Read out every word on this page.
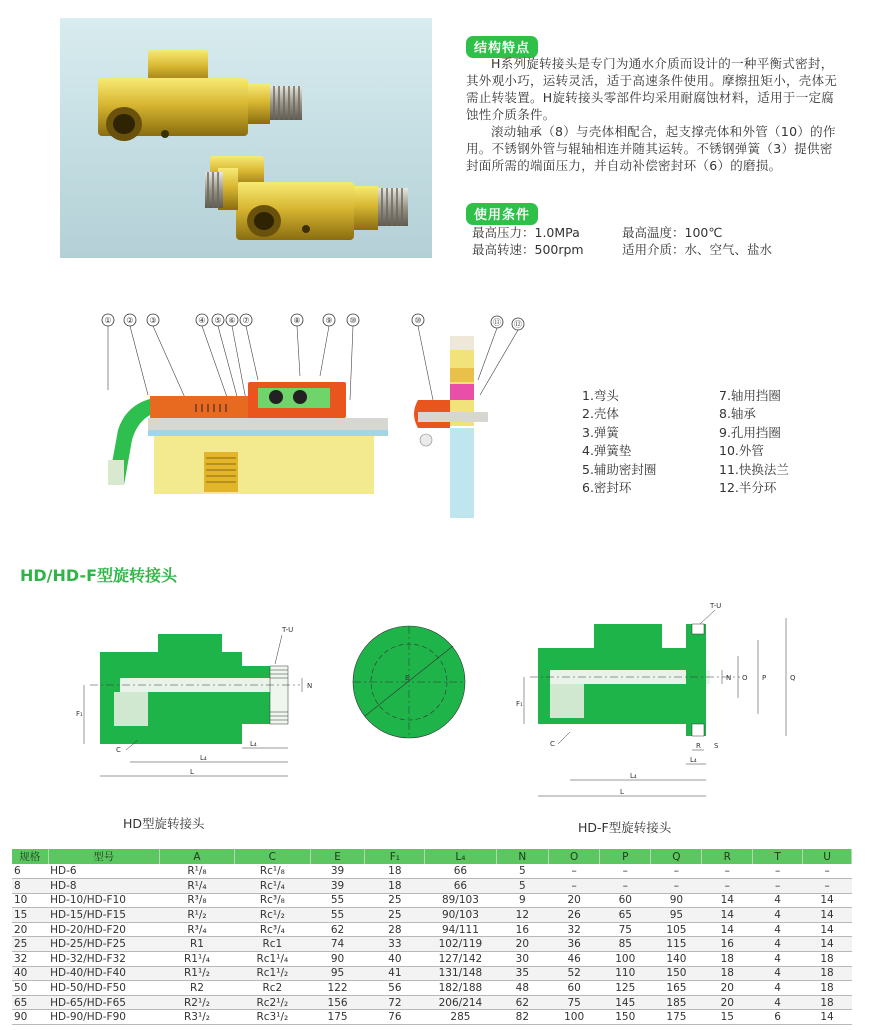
结构特点

H系列旋转接头是专门为通水介质而设计的一种平衡式密封，其外观小巧，运转灵活，适于高速条件使用。摩擦扭矩小，壳体无需止转装置。H旋转接头零部件均采用耐腐蚀材料，适用于一定腐蚀性介质条件。

滚动轴承（8）与壳体相配合，起支撑壳体和外管（10）的作用。不锈钢外管与辊轴相连并随其运转。不锈钢弹簧（3）提供密封面所需的端面压力，并自动补偿密封环（6）的磨损。

使用条件
最高压力：1.0MPa	最高温度：100℃
最高转速：500rpm	适用介质：水、空气、盐水
① ② ③	④ ⑤ ⑥ ⑦	⑧	⑨ ⑩	⑩	⑪ ⑫
1.弯头
2.壳体
3.弹簧
4.弹簧垫
5.辅助密封圈
6.密封环
7.轴用挡圈
8.轴承
9.孔用挡圈
10.外管
11.快换法兰
12.半分环
HD/HD-F型旋转接头
T-U
N
F₁
C
L₄
L₄
L
E
T-U
N O P	Q
F₁
C	R S
L₄
L₄
L
HD型旋转接头	HD-F型旋转接头
规格	型号	A	C	E	F₁	L₄	N	O	P	Q	R	T	U
6	HD-6	R¹/₈	Rc¹/₈	39	18	66	5	–	–	–	–	–	–
8	HD-8	R¹/₄	Rc¹/₄	39	18	66	5	–	–	–	–	–	–
10	HD-10/HD-F10	R³/₈	Rc³/₈	55	25	89/103	9	20	60	90	14	4	14
15	HD-15/HD-F15	R¹/₂	Rc¹/₂	55	25	90/103	12	26	65	95	14	4	14
20	HD-20/HD-F20	R³/₄	Rc³/₄	62	28	94/111	16	32	75	105	14	4	14
25	HD-25/HD-F25	R1	Rc1	74	33	102/119	20	36	85	115	16	4	14
32	HD-32/HD-F32	R1¹/₄	Rc1¹/₄	90	40	127/142	30	46	100	140	18	4	18
40	HD-40/HD-F40	R1¹/₂	Rc1¹/₂	95	41	131/148	35	52	110	150	18	4	18
50	HD-50/HD-F50	R2	Rc2	122	56	182/188	48	60	125	165	20	4	18
65	HD-65/HD-F65	R2¹/₂	Rc2¹/₂	156	72	206/214	62	75	145	185	20	4	18
90	HD-90/HD-F90	R3¹/₂	Rc3¹/₂	175	76	285	82	100	150	175	15	6	14
